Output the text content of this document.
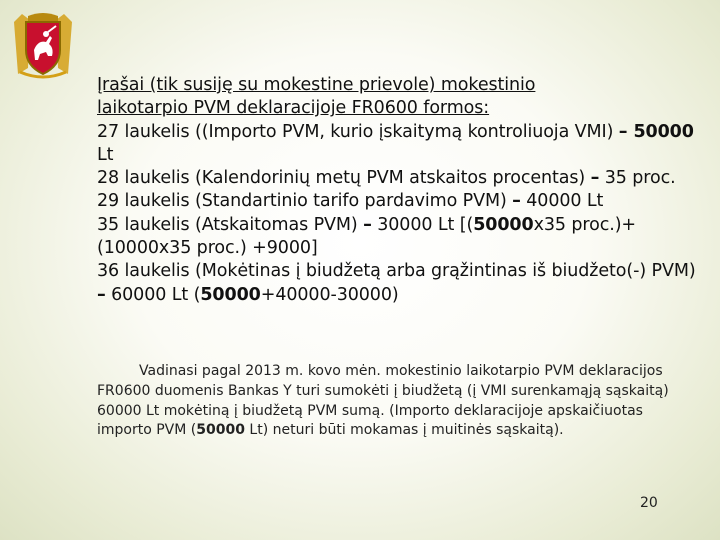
Įrašai (tik susiję su mokestine prievole) mokestinio
laikotarpio PVM deklaracijoje FR0600 formos:

27 laukelis ((Importo PVM, kurio įskaitymą kontroliuoja VMI) – 50000 Lt

28 laukelis (Kalendorinių metų PVM atskaitos procentas) – 35 proc.

29 laukelis (Standartinio tarifo pardavimo PVM) – 40000 Lt

35 laukelis (Atskaitomas PVM) – 30000 Lt [(50000x35 proc.)+ (10000x35 proc.) +9000]

36 laukelis (Mokėtinas į biudžetą arba grąžintinas iš biudžeto(-) PVM) – 60000 Lt (50000+40000-30000)

Vadinasi pagal 2013 m. kovo mėn. mokestinio laikotarpio PVM deklaracijos FR0600 duomenis Bankas Y turi sumokėti į biudžetą (į VMI surenkamąją sąskaitą) 60000 Lt mokėtiną į biudžetą PVM sumą. (Importo deklaracijoje apskaičiuotas importo PVM (50000 Lt) neturi būti mokamas į muitinės sąskaitą).
20
